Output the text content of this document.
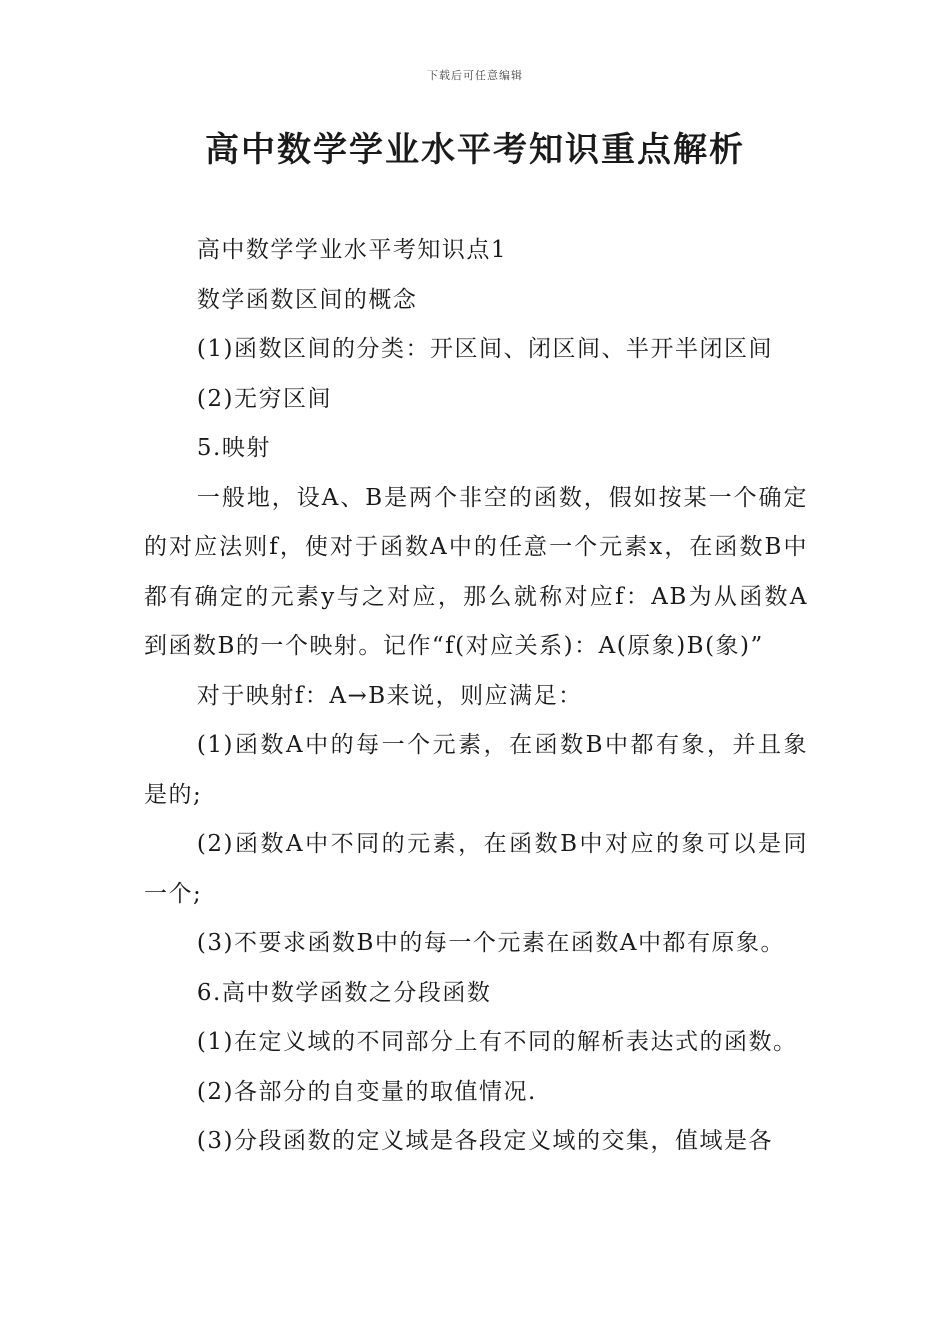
下载后可任意编辑
高中数学学业水平考知识重点解析

高中数学学业水平考知识点1

数学函数区间的概念

(1)函数区间的分类：开区间、闭区间、半开半闭区间

(2)无穷区间

5.映射

一般地，设A、B是两个非空的函数，假如按某一个确定的对应法则f，使对于函数A中的任意一个元素x，在函数B中都有确定的元素y与之对应，那么就称对应f：AB为从函数A到函数B的一个映射。记作“f(对应关系)：A(原象)B(象)”

对于映射f：A→B来说，则应满足：

(1)函数A中的每一个元素，在函数B中都有象，并且象是的;

(2)函数A中不同的元素，在函数B中对应的象可以是同一个;

(3)不要求函数B中的每一个元素在函数A中都有原象。

6.高中数学函数之分段函数

(1)在定义域的不同部分上有不同的解析表达式的函数。

(2)各部分的自变量的取值情况.

(3)分段函数的定义域是各段定义域的交集，值域是各
